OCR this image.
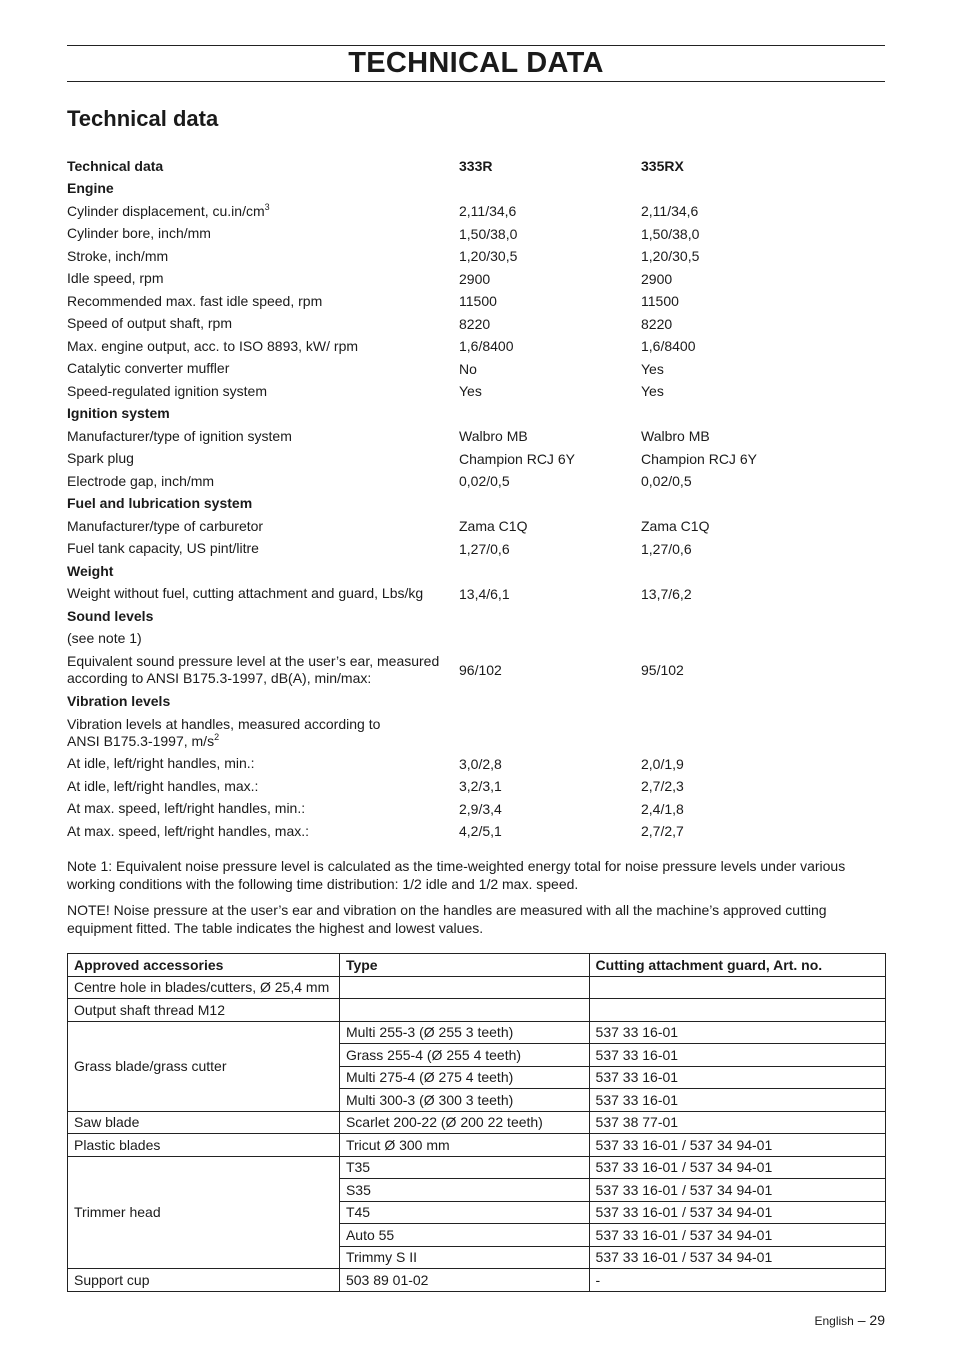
TECHNICAL DATA
Technical data
Technical data	333R	335RX
Engine
Cylinder displacement, $cu.in/cm^3$	2,11/34,6	2,11/34,6
Cylinder bore, inch/mm	1,50/38,0	1,50/38,0
Stroke, inch/mm	1,20/30,5	1,20/30,5
Idle speed, rpm	2900	2900
Recommended max. fast idle speed, rpm	11500	11500
Speed of output shaft, rpm	8220	8220
Max. engine output, acc. to ISO 8893, kW/ rpm	1,6/8400	1,6/8400
Catalytic converter muffler	No	Yes
Speed-regulated ignition system	Yes	Yes
Ignition system
Manufacturer/type of ignition system	Walbro MB	Walbro MB
Spark plug	Champion RCJ 6Y	Champion RCJ 6Y
Electrode gap, inch/mm	0,02/0,5	0,02/0,5
Fuel and lubrication system
Manufacturer/type of carburetor	Zama C1Q	Zama C1Q
Fuel tank capacity, US pint/litre	1,27/0,6	1,27/0,6
Weight
Weight without fuel, cutting attachment and guard, Lbs/kg	13,4/6,1	13,7/6,2
Sound levels
(see note 1)
Equivalent sound pressure level at the user’s ear, measured
according to ANSI B175.3-1997, dB(A), min/max:	96/102	95/102
Vibration levels
Vibration levels at handles, measured according to
ANSI B175.3-1997, $m/s^2$
At idle, left/right handles, min.:	3,0/2,8	2,0/1,9
At idle, left/right handles, max.:	3,2/3,1	2,7/2,3
At max. speed, left/right handles, min.:	2,9/3,4	2,4/1,8
At max. speed, left/right handles, max.:	4,2/5,1	2,7/2,7
Note 1: Equivalent noise pressure level is calculated as the time-weighted energy total for noise pressure levels under various
working conditions with the following time distribution: 1/2 idle and 1/2 max. speed.
NOTE! Noise pressure at the user’s ear and vibration on the handles are measured with all the machine’s approved cutting
equipment fitted. The table indicates the highest and lowest values.
Approved accessories	Type	Cutting attachment guard, Art. no.
Centre hole in blades/cutters, Ø 25,4 mm		
Output shaft thread M12		
Grass blade/grass cutter	Multi 255-3 (Ø 255 3 teeth)	537 33 16-01
	Grass 255-4 (Ø 255 4 teeth)	537 33 16-01
	Multi 275-4 (Ø 275 4 teeth)	537 33 16-01
	Multi 300-3 (Ø 300 3 teeth)	537 33 16-01
Saw blade	Scarlet 200-22 (Ø 200 22 teeth)	537 38 77-01
Plastic blades	Tricut Ø 300 mm	537 33 16-01 / 537 34 94-01
Trimmer head	T35	537 33 16-01 / 537 34 94-01
	S35	537 33 16-01 / 537 34 94-01
	T45	537 33 16-01 / 537 34 94-01
	Auto 55	537 33 16-01 / 537 34 94-01
	Trimmy S II	537 33 16-01 / 537 34 94-01
Support cup	503 89 01-02	-
English – 29
